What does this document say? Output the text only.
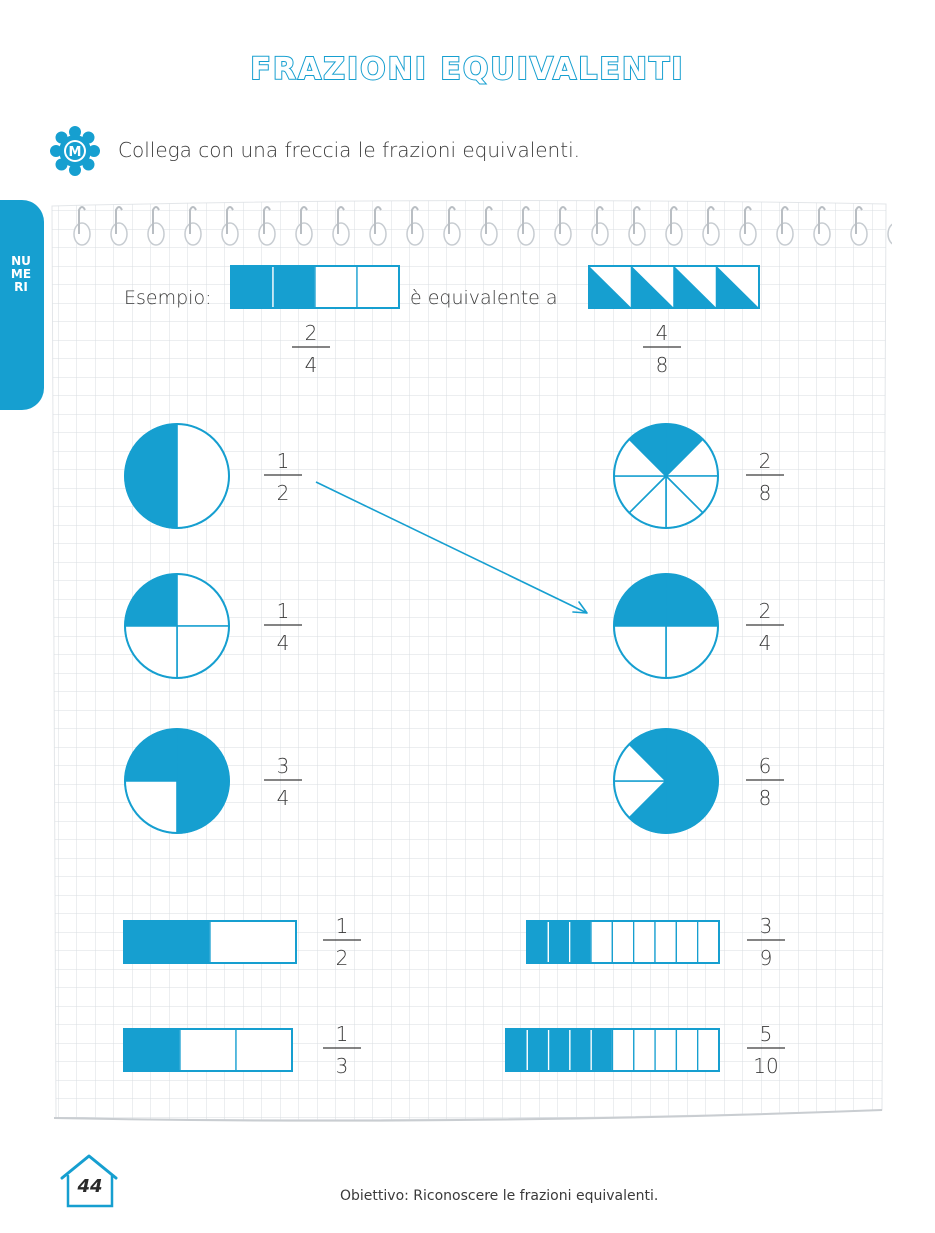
FRAZIONI EQUIVALENTI
M Collega con una freccia le frazioni equivalenti.
NUMERI	Esempio:	è equivalente a
2
4
4
8
1
2
1
4
3
4
1
2
1
3
2
8
2
4
6
8
3
9
5
10
44	Obiettivo: Riconoscere le frazioni equivalenti.
